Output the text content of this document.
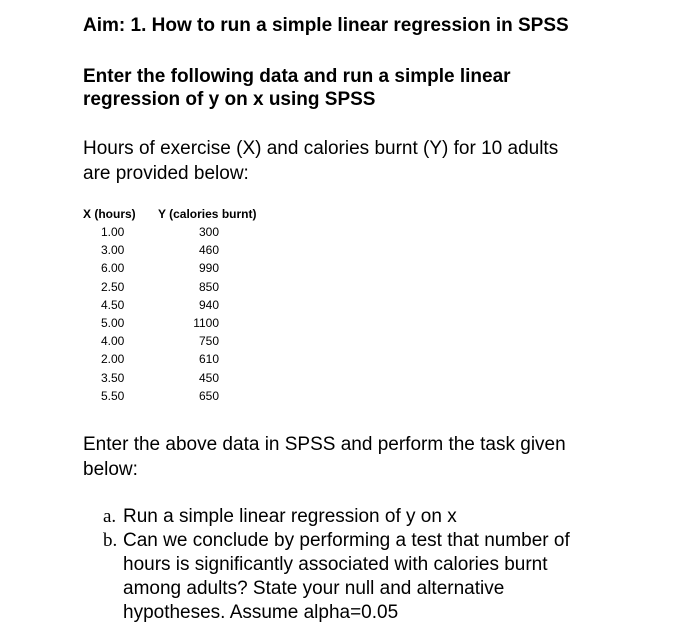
Aim: 1. How to run a simple linear regression in SPSS
Enter the following data and run a simple linear
regression of y on x using SPSS
Hours of exercise (X) and calories burnt (Y) for 10 adults
are provided below:
X (hours) Y (calories burnt)
1.00	300
3.00	460
6.00	990
2.50	850
4.50	940
5.00	1100
4.00	750
2.00	610
3.50	450
5.50	650
Enter the above data in SPSS and perform the task given
below:
a. Run a simple linear regression of y on x
b. Can we conclude by performing a test that number of
hours is significantly associated with calories burnt
among adults? State your null and alternative
hypotheses. Assume alpha=0.05
